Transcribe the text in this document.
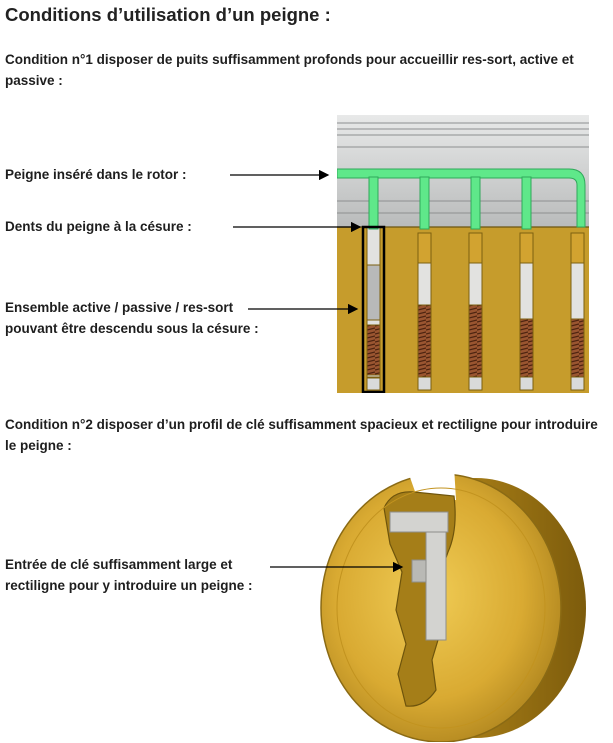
Conditions d’utilisation d’un peigne :
Condition n°1 disposer de puits suffisamment profonds pour accueillir res-sort, active et passive :
Peigne inséré dans le rotor :
Dents du peigne à la césure :
Ensemble active / passive / res-sort pouvant être descendu sous la césure :
Condition n°2 disposer d’un profil de clé suffisamment spacieux et rectiligne pour introduire le peigne :
Entrée de clé suffisamment large et rectiligne pour y introduire un peigne :
